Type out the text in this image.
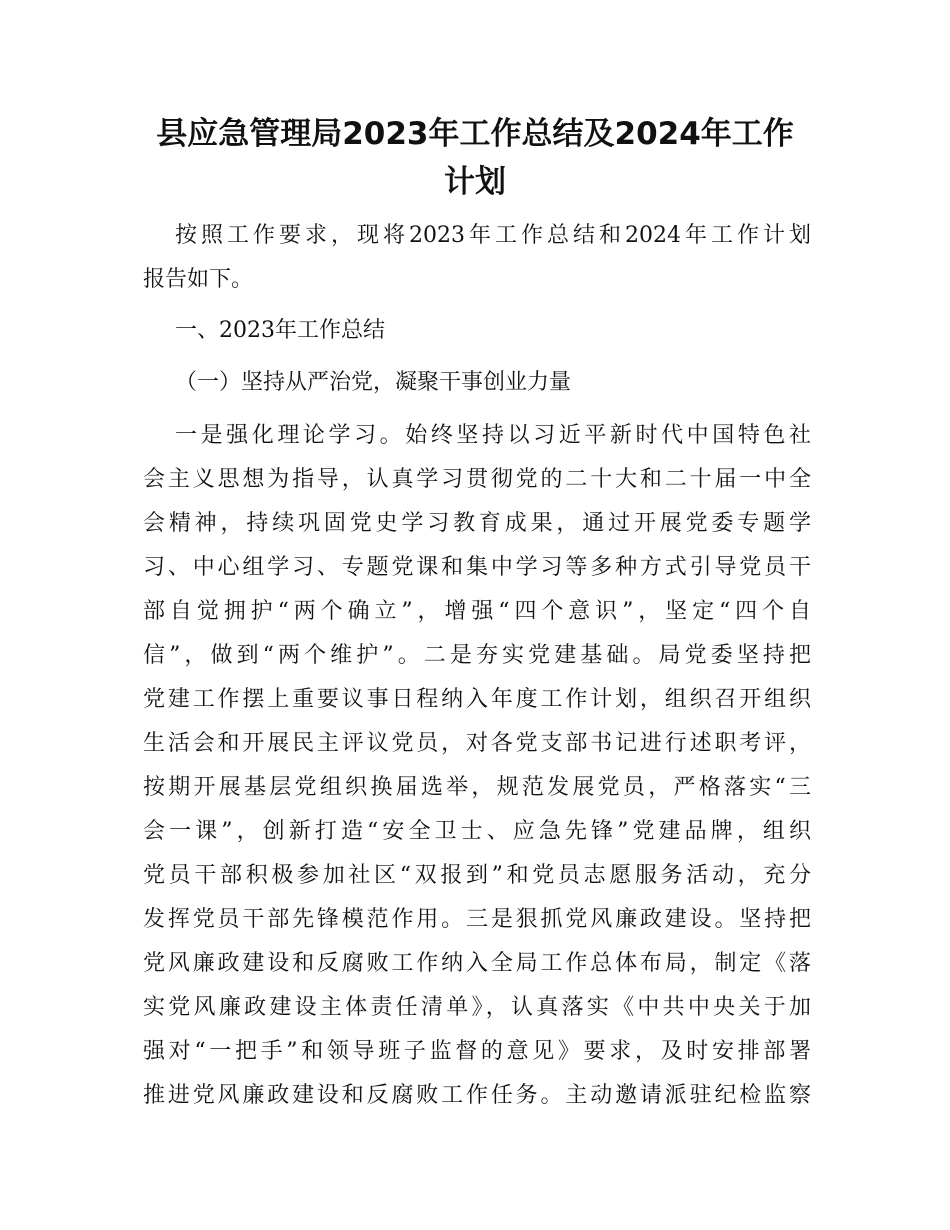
县应急管理局2023年工作总结及2024年工作
计划
按照工作要求，现将2023年工作总结和2024年工作计划
报告如下。
一、2023年工作总结
（一）坚持从严治党，凝聚干事创业力量
一是强化理论学习。始终坚持以习近平新时代中国特色社
会主义思想为指导，认真学习贯彻党的二十大和二十届一中全
会精神，持续巩固党史学习教育成果，通过开展党委专题学
习、中心组学习、专题党课和集中学习等多种方式引导党员干
部自觉拥护“两个确立”，增强“四个意识”，坚定“四个自
信”，做到“两个维护”。二是夯实党建基础。局党委坚持把
党建工作摆上重要议事日程纳入年度工作计划，组织召开组织
生活会和开展民主评议党员，对各党支部书记进行述职考评，
按期开展基层党组织换届选举，规范发展党员，严格落实“三
会一课”，创新打造“安全卫士、应急先锋”党建品牌，组织
党员干部积极参加社区“双报到”和党员志愿服务活动，充分
发挥党员干部先锋模范作用。三是狠抓党风廉政建设。坚持把
党风廉政建设和反腐败工作纳入全局工作总体布局，制定《落
实党风廉政建设主体责任清单》，认真落实《中共中央关于加
强对“一把手”和领导班子监督的意见》要求，及时安排部署
推进党风廉政建设和反腐败工作任务。主动邀请派驻纪检监察
